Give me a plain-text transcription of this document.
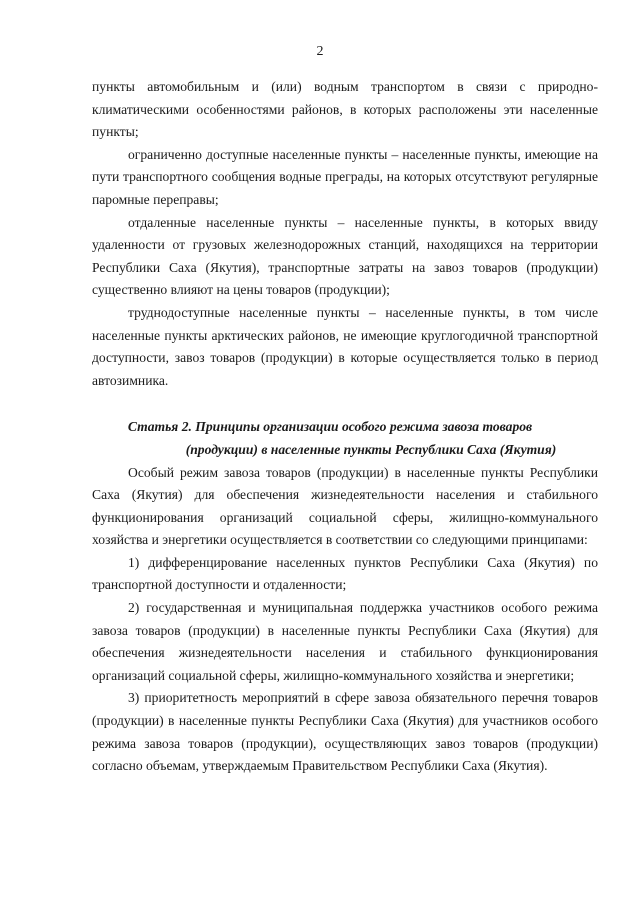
2

пункты автомобильным и (или) водным транспортом в связи с природно-климатическими особенностями районов, в которых расположены эти населенные пункты;

ограниченно доступные населенные пункты – населенные пункты, имеющие на пути транспортного сообщения водные преграды, на которых отсутствуют регулярные паромные переправы;

отдаленные населенные пункты – населенные пункты, в которых ввиду удаленности от грузовых железнодорожных станций, находящихся на территории Республики Саха (Якутия), транспортные затраты на завоз товаров (продукции) существенно влияют на цены товаров (продукции);

труднодоступные населенные пункты – населенные пункты, в том числе населенные пункты арктических районов, не имеющие круглогодичной транспортной доступности, завоз товаров (продукции) в которые осуществляется только в период автозимника.

Статья 2. Принципы организации особого режима завоза товаров
(продукции) в населенные пункты Республики Саха (Якутия)

Особый режим завоза товаров (продукции) в населенные пункты Республики Саха (Якутия) для обеспечения жизнедеятельности населения и стабильного функционирования организаций социальной сферы, жилищно-коммунального хозяйства и энергетики осуществляется в соответствии со следующими принципами:

1) дифференцирование населенных пунктов Республики Саха (Якутия) по транспортной доступности и отдаленности;

2) государственная и муниципальная поддержка участников особого режима завоза товаров (продукции) в населенные пункты Республики Саха (Якутия) для обеспечения жизнедеятельности населения и стабильного функционирования организаций социальной сферы, жилищно-коммунального хозяйства и энергетики;

3) приоритетность мероприятий в сфере завоза обязательного перечня товаров (продукции) в населенные пункты Республики Саха (Якутия) для участников особого режима завоза товаров (продукции), осуществляющих завоз товаров (продукции) согласно объемам, утверждаемым Правительством Республики Саха (Якутия).
